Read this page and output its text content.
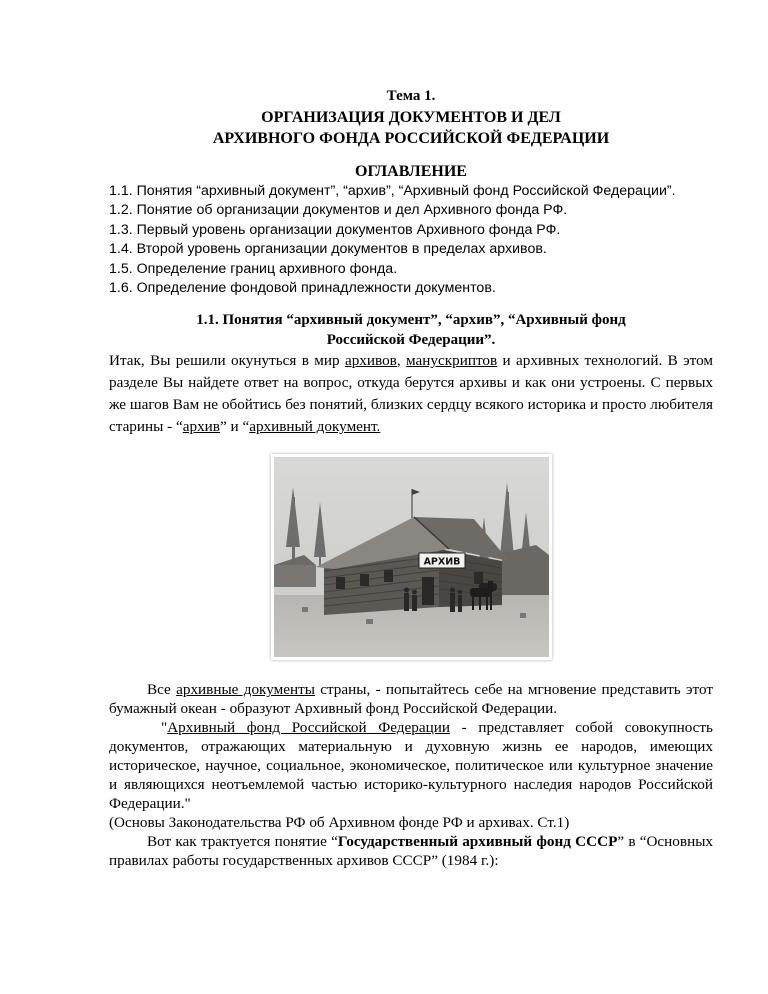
Тема 1.
ОРГАНИЗАЦИЯ ДОКУМЕНТОВ И ДЕЛ
АРХИВНОГО ФОНДА РОССИЙСКОЙ ФЕДЕРАЦИИ
ОГЛАВЛЕНИЕ
1.1. Понятия “архивный документ”, “архив”, “Архивный фонд Российской Федерации”.
1.2. Понятие об организации документов и дел Архивного фонда РФ.
1.3. Первый уровень организации документов Архивного фонда РФ.
1.4. Второй уровень организации документов в пределах архивов.
1.5. Определение границ архивного фонда.
1.6. Определение фондовой принадлежности документов.
1.1. Понятия “архивный документ”, “архив”, “Архивный фонд
Российской Федерации”.

Итак, Вы решили окунуться в мир архивов, манускриптов и архивных технологий. В этом разделе Вы найдете ответ на вопрос, откуда берутся архивы и как они устроены. С первых же шагов Вам не обойтись без понятий, близких сердцу всякого историка и просто любителя старины - “архив” и “архивный документ.

АРХИВ

Все архивные документы страны, - попытайтесь себе на мгновение представить этот бумажный океан - образуют Архивный фонд Российской Федерации.

"Архивный фонд Российской Федерации - представляет собой совокупность документов, отражающих материальную и духовную жизнь ее народов, имеющих историческое, научное, социальное, экономическое, политическое или культурное значение и являющихся неотъемлемой частью историко-культурного наследия народов Российской Федерации."

(Основы Законодательства РФ об Архивном фонде РФ и архивах. Ст.1)

Вот как трактуется понятие “Государственный архивный фонд СССР” в “Основных правилах работы государственных архивов СССР” (1984 г.):
